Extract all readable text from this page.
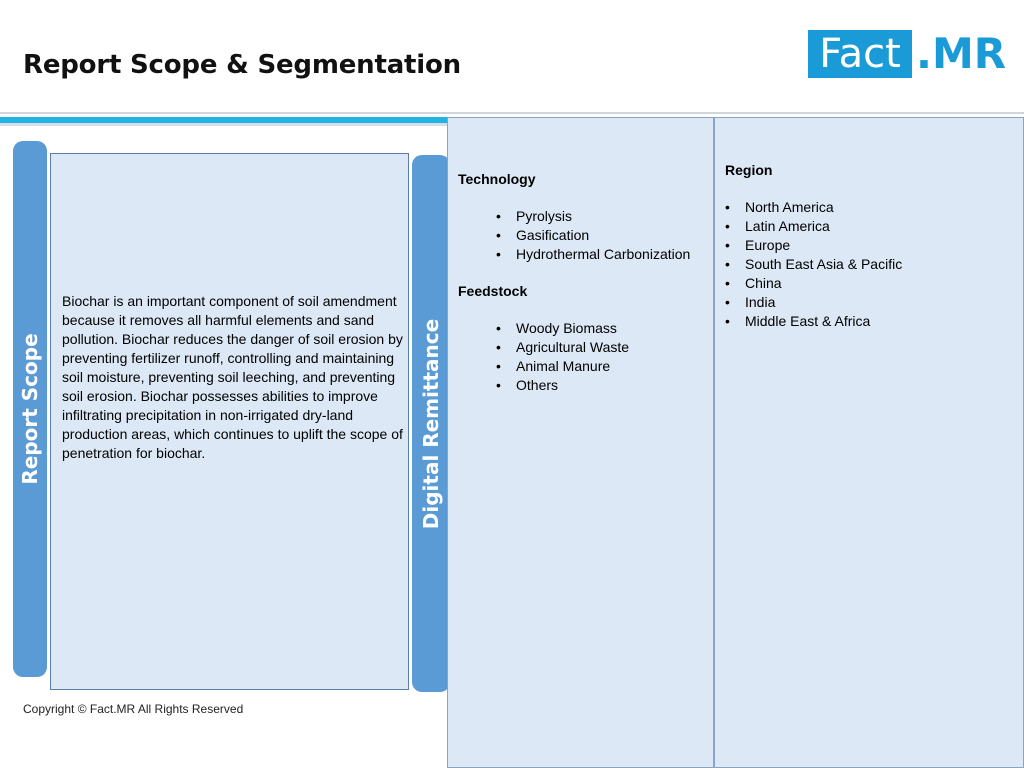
Report Scope & Segmentation	Fact .MR
Report Scope

Biochar is an important component of soil amendment because it removes all harmful elements and sand pollution. Biochar reduces the danger of soil erosion by preventing fertilizer runoff, controlling and maintaining soil moisture, preventing soil leeching, and preventing soil erosion. Biochar possesses abilities to improve infiltrating precipitation in non-irrigated dry-land production areas, which continues to uplift the scope of penetration for biochar.	Digital Remittance

Technology

• Pyrolysis
• Gasification
• Hydrothermal Carbonization

Feedstock

• Woody Biomass
• Agricultural Waste
• Animal Manure
• Others

Region

• North America
• Latin America
• Europe
• South East Asia & Pacific
• China
• India
• Middle East & Africa

Copyright © Fact.MR All Rights Reserved
